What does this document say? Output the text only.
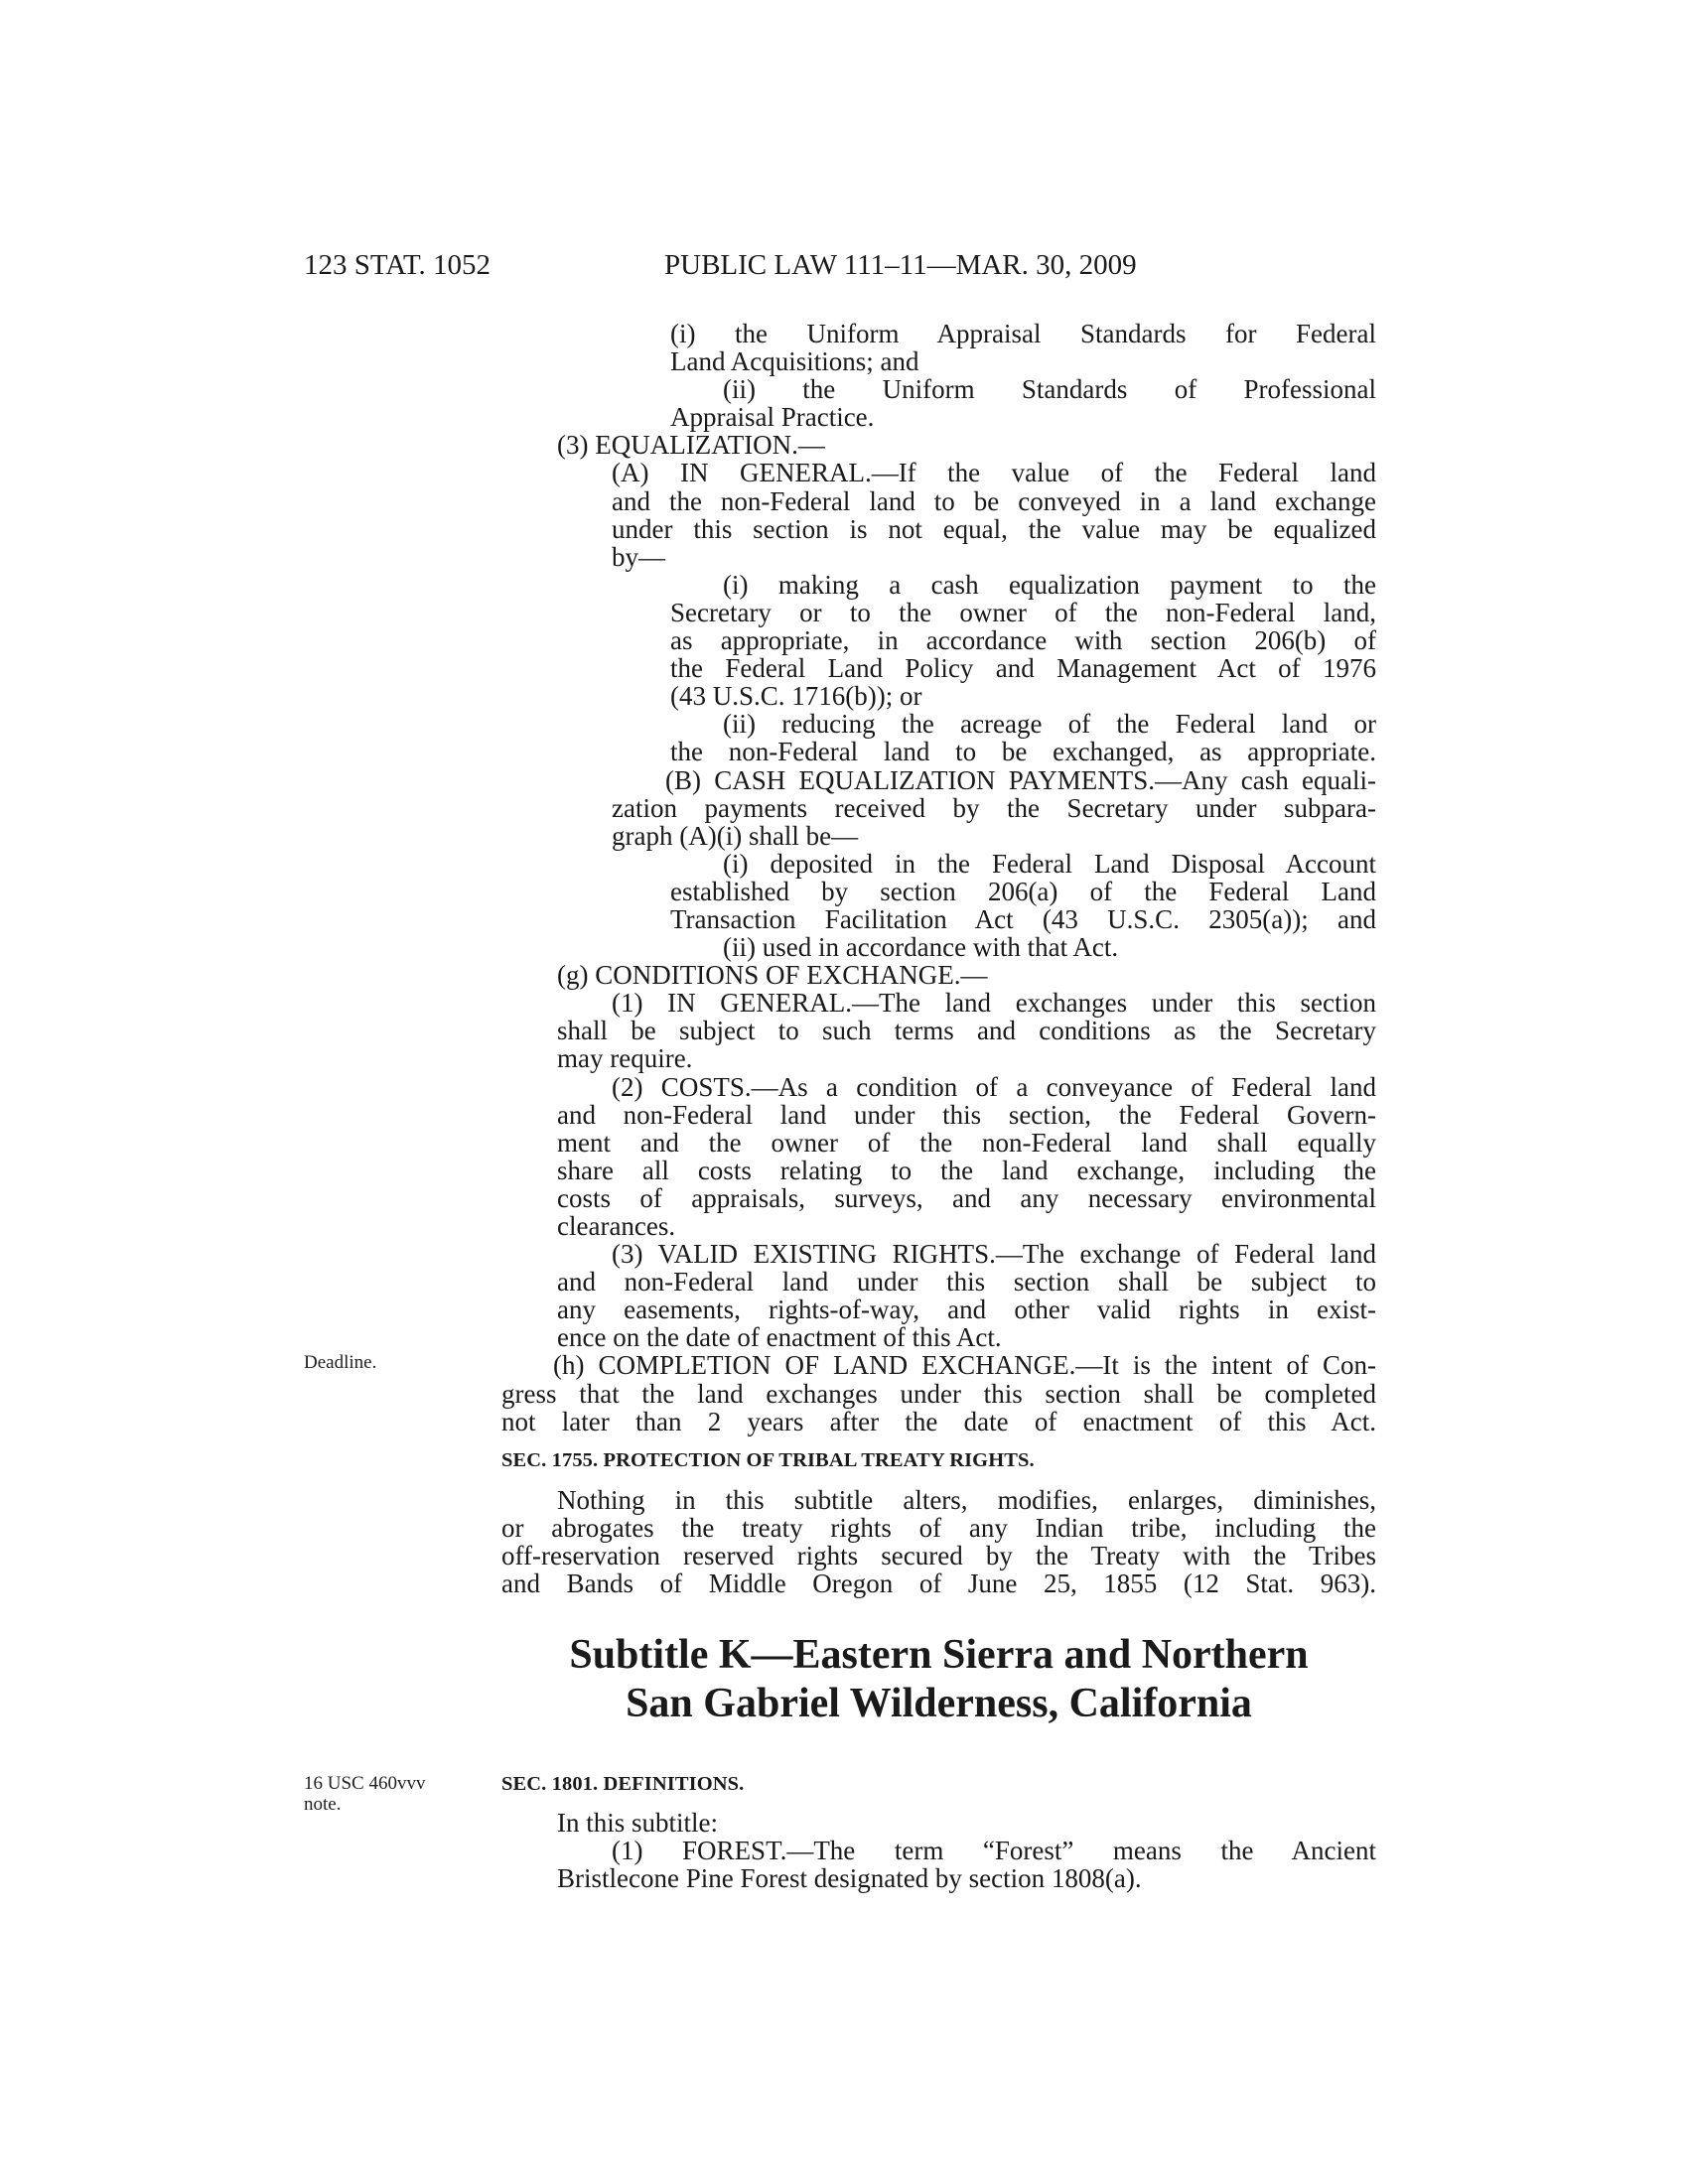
123 STAT. 1052	PUBLIC LAW 111–11—MAR. 30, 2009
Deadline.
16 USC 460vvv
note.
(i) the Uniform Appraisal Standards for Federal
Land Acquisitions; and
(ii) the Uniform Standards of Professional
Appraisal Practice.
(3) EQUALIZATION.—
(A) IN GENERAL.—If the value of the Federal land
and the non-Federal land to be conveyed in a land exchange
under this section is not equal, the value may be equalized
by—
(i) making a cash equalization payment to the
Secretary or to the owner of the non-Federal land,
as appropriate, in accordance with section 206(b) of
the Federal Land Policy and Management Act of 1976
(43 U.S.C. 1716(b)); or
(ii) reducing the acreage of the Federal land or
the non-Federal land to be exchanged, as appropriate.
(B) CASH EQUALIZATION PAYMENTS.—Any cash equali-
zation payments received by the Secretary under subpara-
graph (A)(i) shall be—
(i) deposited in the Federal Land Disposal Account
established by section 206(a) of the Federal Land
Transaction Facilitation Act (43 U.S.C. 2305(a)); and
(ii) used in accordance with that Act.
(g) CONDITIONS OF EXCHANGE.—
(1) IN GENERAL.—The land exchanges under this section
shall be subject to such terms and conditions as the Secretary
may require.
(2) COSTS.—As a condition of a conveyance of Federal land
and non-Federal land under this section, the Federal Govern-
ment and the owner of the non-Federal land shall equally
share all costs relating to the land exchange, including the
costs of appraisals, surveys, and any necessary environmental
clearances.
(3) VALID EXISTING RIGHTS.—The exchange of Federal land
and non-Federal land under this section shall be subject to
any easements, rights-of-way, and other valid rights in exist-
ence on the date of enactment of this Act.
(h) COMPLETION OF LAND EXCHANGE.—It is the intent of Con-
gress that the land exchanges under this section shall be completed
not later than 2 years after the date of enactment of this Act.
SEC. 1755. PROTECTION OF TRIBAL TREATY RIGHTS.
Nothing in this subtitle alters, modifies, enlarges, diminishes,
or abrogates the treaty rights of any Indian tribe, including the
off-reservation reserved rights secured by the Treaty with the Tribes
and Bands of Middle Oregon of June 25, 1855 (12 Stat. 963).
Subtitle K—Eastern Sierra and Northern
San Gabriel Wilderness, California
SEC. 1801. DEFINITIONS.
In this subtitle:
(1) FOREST.—The term “Forest” means the Ancient
Bristlecone Pine Forest designated by section 1808(a).
